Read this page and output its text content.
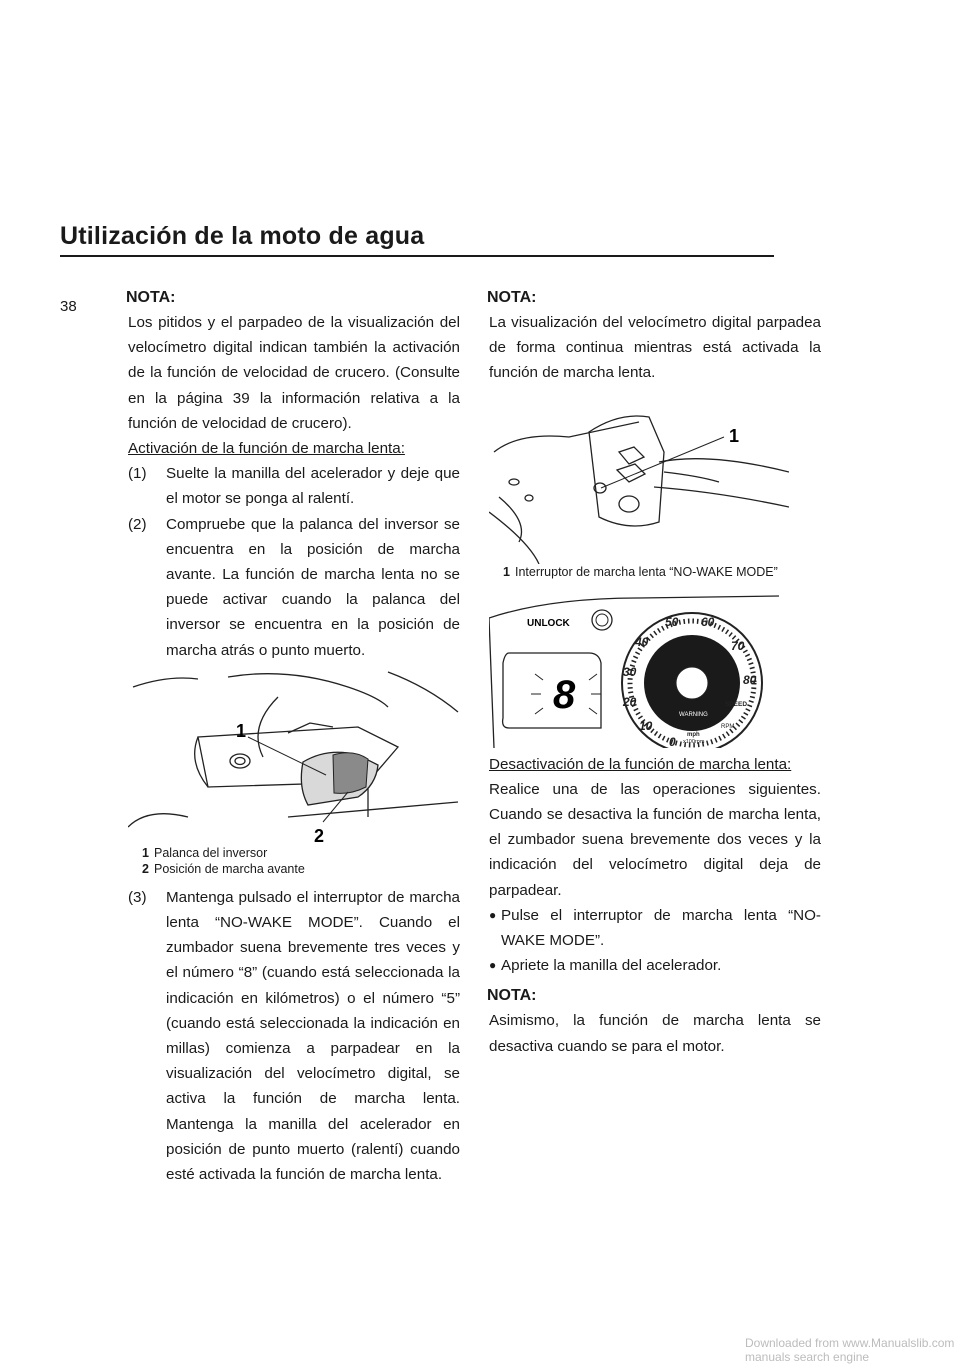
Utilización de la moto de agua
38
NOTA:

Los pitidos y el parpadeo de la visualización del velocímetro digital indican también la activación de la función de velocidad de crucero. (Consulte en la página 39 la información relativa a la función de velocidad de crucero).

Activación de la función de marcha lenta:

(1)	Suelte la manilla del acelerador y deje que el motor se ponga al ralentí.
(2)	Compruebe que la palanca del inversor se encuentra en la posición de marcha avante. La función de marcha lenta no se puede activar cuando la palanca del inversor se encuentra en la posición de marcha atrás o punto muerto.
1
2
1 Palanca del inversor
2 Posición de marcha avante
(3)	Mantenga pulsado el interruptor de marcha lenta “NO-WAKE MODE”. Cuando el zumbador suena brevemente tres veces y el número “8” (cuando está seleccionada la indicación en kilómetros) o el número “5” (cuando está seleccionada la indicación en millas) comienza a parpadear en la visualización del velocímetro digital, se activa la función de marcha lenta. Mantenga la manilla del acelerador en posición de punto muerto (ralentí) cuando esté activada la función de marcha lenta.
NOTA:

La visualización del velocímetro digital parpadea de forma continua mientras está activada la función de marcha lenta.

1
1 Interruptor de marcha lenta “NO-WAKE MODE”
UNLOCK
8
0
10
20
30
40
50 60
70
80
WARNING
SPEED
RPM
mph
x100rpm

Desactivación de la función de marcha lenta:

Realice una de las operaciones siguientes. Cuando se desactiva la función de marcha lenta, el zumbador suena brevemente dos veces y la indicación del velocímetro digital deja de parpadear.

● Pulse el interruptor de marcha lenta “NO-WAKE MODE”.
● Apriete la manilla del acelerador.
NOTA:

Asimismo, la función de marcha lenta se desactiva cuando se para el motor.

Downloaded from www.Manualslib.com manuals search engine
